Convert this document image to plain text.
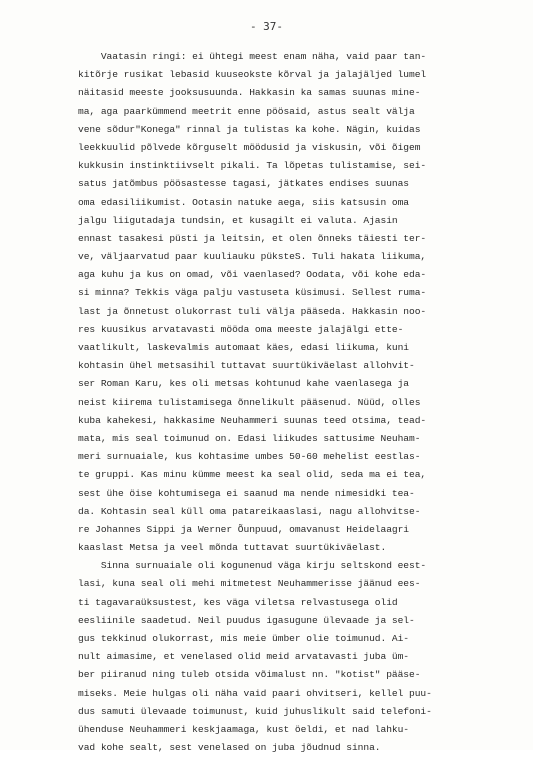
- 37-
Vaatasin ringi: ei ühtegi meest enam näha, vaid paar tan-
kitõrje rusikat lebasid kuuseokste kõrval ja jalajäljed lumel
näitasid meeste jooksusuunda. Hakkasin ka samas suunas mine-
ma, aga paarkümmend meetrit enne pöösaid, astus sealt välja
vene sõdur"Konega" rinnal ja tulistas ka kohe. Nägin, kuidas
leekkuulid põlvede kõrguselt möödusid ja viskusin, või õigem
kukkusin instinktiivselt pikali. Ta lõpetas tulistamise, sei-
satus jatõmbus pöösastesse tagasi, jätkates endises suunas
oma edasiliikumist. Ootasin natuke aega, siis katsusin oma
jalgu liigutadaja tundsin, et kusagilt ei valuta. Ajasin
ennast tasakesi püsti ja leitsin, et olen õnneks täiesti ter-
ve, väljaarvatud paar kuuliauku püksteS. Tuli hakata liikuma,
aga kuhu ja kus on omad, või vaenlased? Oodata, või kohe eda-
si minna? Tekkis väga palju vastuseta küsimusi. Sellest ruma-
last ja õnnetust olukorrast tuli välja pääseda. Hakkasin noo-
res kuusikus arvatavasti mööda oma meeste jalajälgi ette-
vaatlikult, laskevalmis automaat käes, edasi liikuma, kuni
kohtasin ühel metsasihil tuttavat suurtükiväelast allohvit-
ser Roman Karu, kes oli metsas kohtunud kahe vaenlasega ja
neist kiirema tulistamisega õnnelikult pääsenud. Nüüd, olles
kuba kahekesi, hakkasime Neuhammeri suunas teed otsima, tead-
mata, mis seal toimunud on. Edasi liikudes sattusime Neuham-
meri surnuaiale, kus kohtasime umbes 50-60 mehelist eestlas-
te gruppi. Kas minu kümme meest ka seal olid, seda ma ei tea,
sest ühe öise kohtumisega ei saanud ma nende nimesidki tea-
da. Kohtasin seal küll oma patareikaaslasi, nagu allohvitse-
re Johannes Sippi ja Werner Õunpuud, omavanust Heidelaagri
kaaslast Metsa ja veel mõnda tuttavat suurtükiväelast.
Sinna surnuaiale oli kogunenud väga kirju seltskond eest-
lasi, kuna seal oli mehi mitmetest Neuhammerisse jäänud ees-
ti tagavaraüksustest, kes väga viletsa relvastusega olid
eesliinile saadetud. Neil puudus igasugune ülevaade ja sel-
gus tekkinud olukorrast, mis meie ümber olie toimunud. Ai-
nult aimasime, et venelased olid meid arvatavasti juba üm-
ber piiranud ning tuleb otsida võimalust nn. "kotist" pääse-
miseks. Meie hulgas oli näha vaid paari ohvitseri, kellel puu-
dus samuti ülevaade toimunust, kuid juhuslikult said telefoni-
ühenduse Neuhammeri keskjaamaga, kust öeldi, et nad lahku-
vad kohe sealt, sest venelased on juba jõudnud sinna.
